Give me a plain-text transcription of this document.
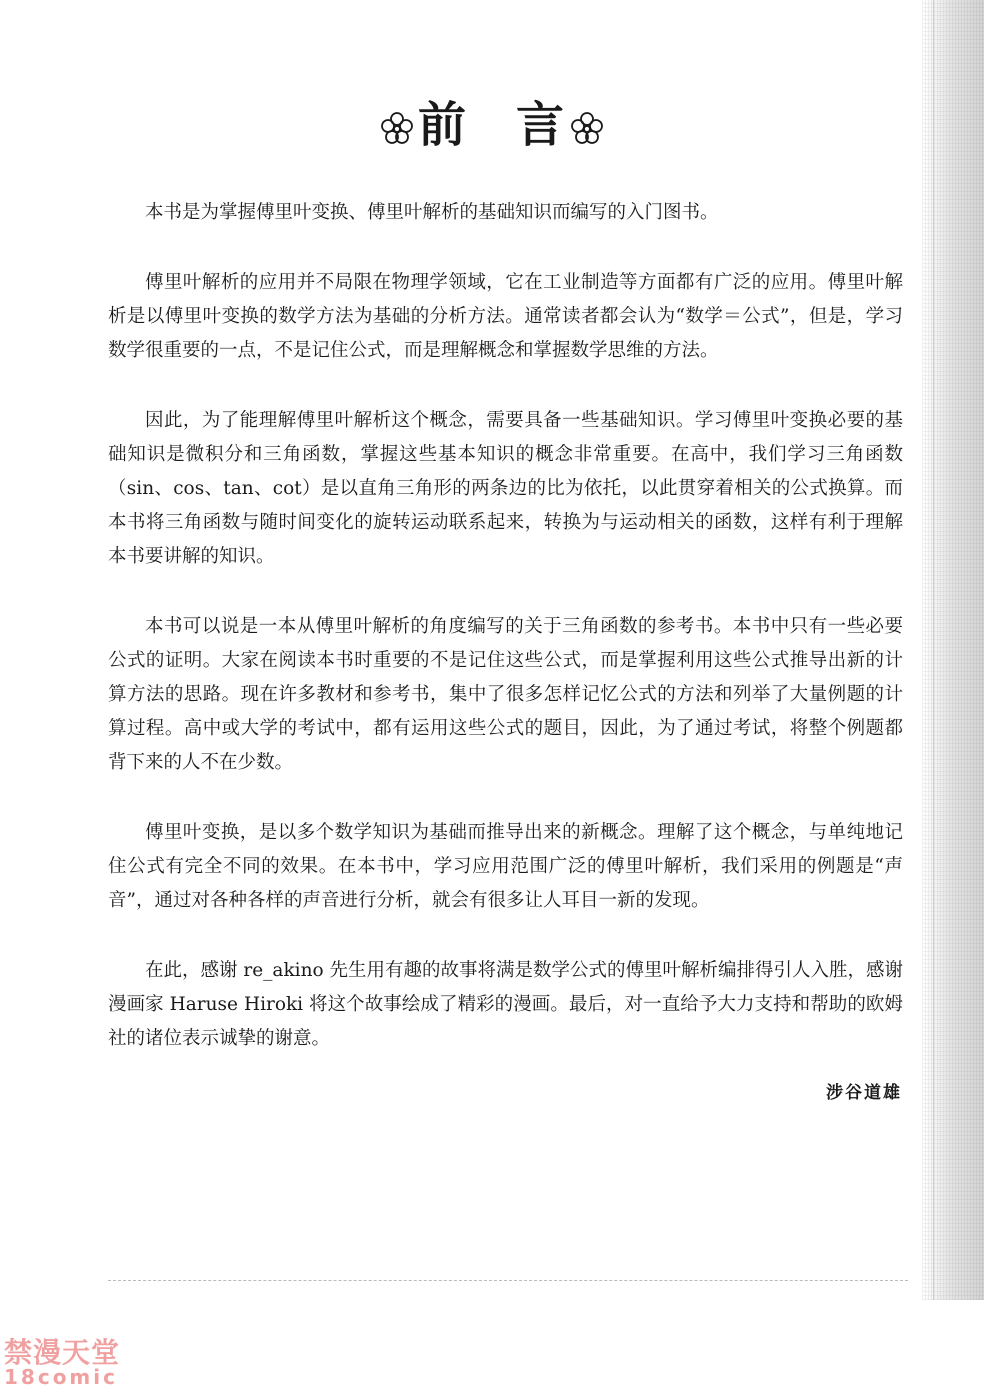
前 言

本书是为掌握傅里叶变换、傅里叶解析的基础知识而编写的入门图书。

傅里叶解析的应用并不局限在物理学领域，它在工业制造等方面都有广泛的应用。傅里叶解析是以傅里叶变换的数学方法为基础的分析方法。通常读者都会认为“数学＝公式”，但是，学习数学很重要的一点，不是记住公式，而是理解概念和掌握数学思维的方法。

因此，为了能理解傅里叶解析这个概念，需要具备一些基础知识。学习傅里叶变换必要的基础知识是微积分和三角函数，掌握这些基本知识的概念非常重要。在高中，我们学习三角函数（sin、cos、tan、cot）是以直角三角形的两条边的比为依托，以此贯穿着相关的公式换算。而本书将三角函数与随时间变化的旋转运动联系起来，转换为与运动相关的函数，这样有利于理解本书要讲解的知识。

本书可以说是一本从傅里叶解析的角度编写的关于三角函数的参考书。本书中只有一些必要公式的证明。大家在阅读本书时重要的不是记住这些公式，而是掌握利用这些公式推导出新的计算方法的思路。现在许多教材和参考书，集中了很多怎样记忆公式的方法和列举了大量例题的计算过程。高中或大学的考试中，都有运用这些公式的题目，因此，为了通过考试，将整个例题都背下来的人不在少数。

傅里叶变换，是以多个数学知识为基础而推导出来的新概念。理解了这个概念，与单纯地记住公式有完全不同的效果。在本书中，学习应用范围广泛的傅里叶解析，我们采用的例题是“声音”，通过对各种各样的声音进行分析，就会有很多让人耳目一新的发现。

在此，感谢 re_akino 先生用有趣的故事将满是数学公式的傅里叶解析编排得引人入胜，感谢漫画家 Haruse Hiroki 将这个故事绘成了精彩的漫画。最后，对一直给予大力支持和帮助的欧姆社的诸位表示诚挚的谢意。

涉谷道雄
禁漫天堂
18comic
